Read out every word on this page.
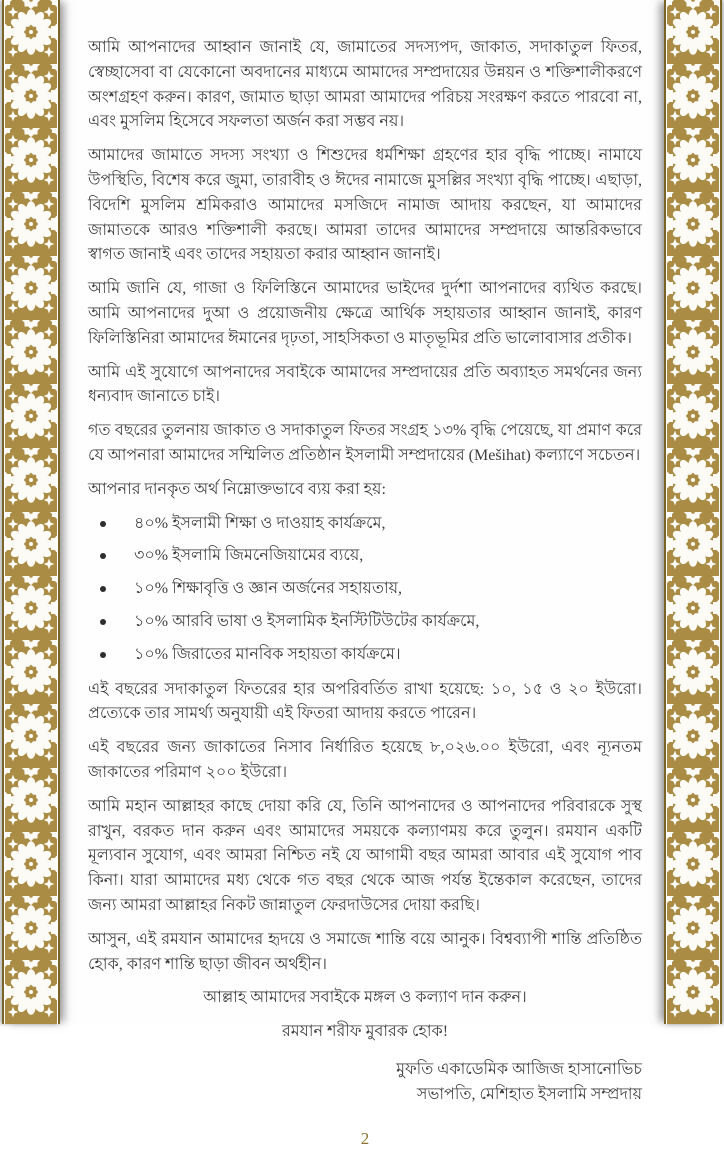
আমি আপনাদের আহ্বান জানাই যে, জামাতের সদস্যপদ, জাকাত, সদাকাতুল ফিতর, স্বেচ্ছাসেবা বা যেকোনো অবদানের মাধ্যমে আমাদের সম্প্রদায়ের উন্নয়ন ও শক্তিশালীকরণে অংশগ্রহণ করুন। কারণ, জামাত ছাড়া আমরা আমাদের পরিচয় সংরক্ষণ করতে পারবো না, এবং মুসলিম হিসেবে সফলতা অর্জন করা সম্ভব নয়।

আমাদের জামাতে সদস্য সংখ্যা ও শিশুদের ধর্মশিক্ষা গ্রহণের হার বৃদ্ধি পাচ্ছে। নামাযে উপস্থিতি, বিশেষ করে জুমা, তারাবীহ ও ঈদের নামাজে মুসল্লির সংখ্যা বৃদ্ধি পাচ্ছে। এছাড়া, বিদেশি মুসলিম শ্রমিকরাও আমাদের মসজিদে নামাজ আদায় করছেন, যা আমাদের জামাতকে আরও শক্তিশালী করছে। আমরা তাদের আমাদের সম্প্রদায়ে আন্তরিকভাবে স্বাগত জানাই এবং তাদের সহায়তা করার আহ্বান জানাই।

আমি জানি যে, গাজা ও ফিলিস্তিনে আমাদের ভাইদের দুর্দশা আপনাদের ব্যথিত করছে। আমি আপনাদের দুআ ও প্রয়োজনীয় ক্ষেত্রে আর্থিক সহায়তার আহ্বান জানাই, কারণ ফিলিস্তিনিরা আমাদের ঈমানের দৃঢ়তা, সাহসিকতা ও মাতৃভূমির প্রতি ভালোবাসার প্রতীক।

আমি এই সুযোগে আপনাদের সবাইকে আমাদের সম্প্রদায়ের প্রতি অব্যাহত সমর্থনের জন্য ধন্যবাদ জানাতে চাই।

গত বছরের তুলনায় জাকাত ও সদাকাতুল ফিতর সংগ্রহ ১৩% বৃদ্ধি পেয়েছে, যা প্রমাণ করে যে আপনারা আমাদের সম্মিলিত প্রতিষ্ঠান ইসলামী সম্প্রদায়ের (Mešihat) কল্যাণে সচেতন।

আপনার দানকৃত অর্থ নিম্নোক্তভাবে ব্যয় করা হয়:

৪০% ইসলামী শিক্ষা ও দাওয়াহ কার্যক্রমে,
৩০% ইসলামি জিমনেজিয়ামের ব্যয়ে,
১০% শিক্ষাবৃত্তি ও জ্ঞান অর্জনের সহায়তায়,
১০% আরবি ভাষা ও ইসলামিক ইনস্টিটিউটের কার্যক্রমে,
১০% জিরাতের মানবিক সহায়তা কার্যক্রমে।

এই বছরের সদাকাতুল ফিতরের হার অপরিবর্তিত রাখা হয়েছে: ১০, ১৫ ও ২০ ইউরো। প্রত্যেকে তার সামর্থ্য অনুযায়ী এই ফিতরা আদায় করতে পারেন।

এই বছরের জন্য জাকাতের নিসাব নির্ধারিত হয়েছে ৮,০২৬.০০ ইউরো, এবং ন্যূনতম জাকাতের পরিমাণ ২০০ ইউরো।

আমি মহান আল্লাহর কাছে দোয়া করি যে, তিনি আপনাদের ও আপনাদের পরিবারকে সুস্থ রাখুন, বরকত দান করুন এবং আমাদের সময়কে কল্যাণময় করে তুলুন। রমযান একটি মূল্যবান সুযোগ, এবং আমরা নিশ্চিত নই যে আগামী বছর আমরা আবার এই সুযোগ পাব কিনা। যারা আমাদের মধ্য থেকে গত বছর থেকে আজ পর্যন্ত ইন্তেকাল করেছেন, তাদের জন্য আমরা আল্লাহর নিকট জান্নাতুল ফেরদাউসের দোয়া করছি।

আসুন, এই রমযান আমাদের হৃদয়ে ও সমাজে শান্তি বয়ে আনুক। বিশ্বব্যাপী শান্তি প্রতিষ্ঠিত হোক, কারণ শান্তি ছাড়া জীবন অর্থহীন।

আল্লাহ আমাদের সবাইকে মঙ্গল ও কল্যাণ দান করুন।

রমযান শরীফ মুবারক হোক!

মুফতি একাডেমিক আজিজ হাসানোভিচ
সভাপতি, মেশিহাত ইসলামি সম্প্রদায়
2
